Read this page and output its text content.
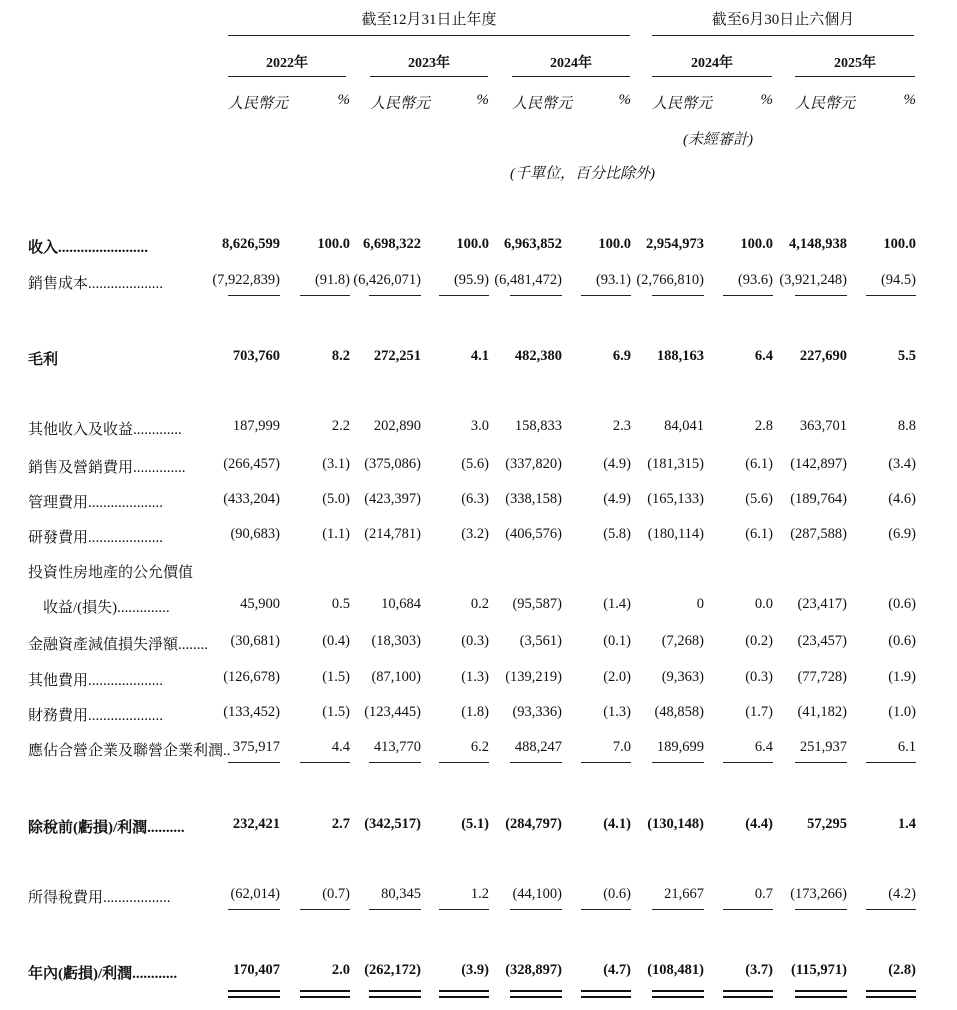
截至12月31日止年度	截至6月30日止六個月
2022年
人民幣元	%
2023年
人民幣元	%
2024年
人民幣元	%
2024年
人民幣元	%
2025年
人民幣元	%
收入........................	8,626,599	100.0 6,698,322	100.0	6,963,852	100.0	2,954,973	100.0	4,148,938	100.0
銷售成本....................	(7,922,839)	(91.8) (6,426,071)	(95.9) (6,481,472)	(93.1) (2,766,810)	(93.6) (3,921,248)	(94.5)
毛利	703,760	8.2	272,251	4.1	482,380	6.9	188,163	6.4	227,690	5.5
其他收入及收益.............	187,999	2.2	202,890	3.0	158,833	2.3	84,041	2.8	363,701	8.8
銷售及營銷費用..............	(266,457)	(3.1) (375,086)	(5.6)	(337,820)	(4.9)	(181,315)	(6.1)	(142,897)	(3.4)
管理費用....................	(433,204)	(5.0) (423,397)	(6.3)	(338,158)	(4.9)	(165,133)	(5.6)	(189,764)	(4.6)
研發費用....................	(90,683)	(1.1) (214,781)	(3.2)	(406,576)	(5.8)	(180,114)	(6.1)	(287,588)	(6.9)
投資性房地產的公允價值
　收益/(損失)..............	45,900	0.5	10,684	0.2	(95,587)	(1.4)	0	0.0	(23,417)	(0.6)
金融資產減值損失淨額........	(30,681)	(0.4)	(18,303)	(0.3)	(3,561)	(0.1)	(7,268)	(0.2)	(23,457)	(0.6)
其他費用....................	(126,678)	(1.5)	(87,100)	(1.3)	(139,219)	(2.0)	(9,363)	(0.3)	(77,728)	(1.9)
財務費用....................	(133,452)	(1.5) (123,445)	(1.8)	(93,336)	(1.3)	(48,858)	(1.7)	(41,182)	(1.0)
應佔合營企業及聯營企業利潤.. 375,917	4.4	413,770	6.2	488,247	7.0	189,699	6.4	251,937	6.1
除稅前(虧損)/利潤..........	232,421	2.7 (342,517)	(5.1)	(284,797)	(4.1)	(130,148)	(4.4)	57,295	1.4
所得稅費用..................	(62,014)	(0.7)	80,345	1.2	(44,100)	(0.6)	21,667	0.7	(173,266)	(4.2)
年內(虧損)/利潤............	170,407	2.0 (262,172)	(3.9)	(328,897)	(4.7)	(108,481)	(3.7)	(115,971)	(2.8)
(未經審計)
(千單位，百分比除外)
